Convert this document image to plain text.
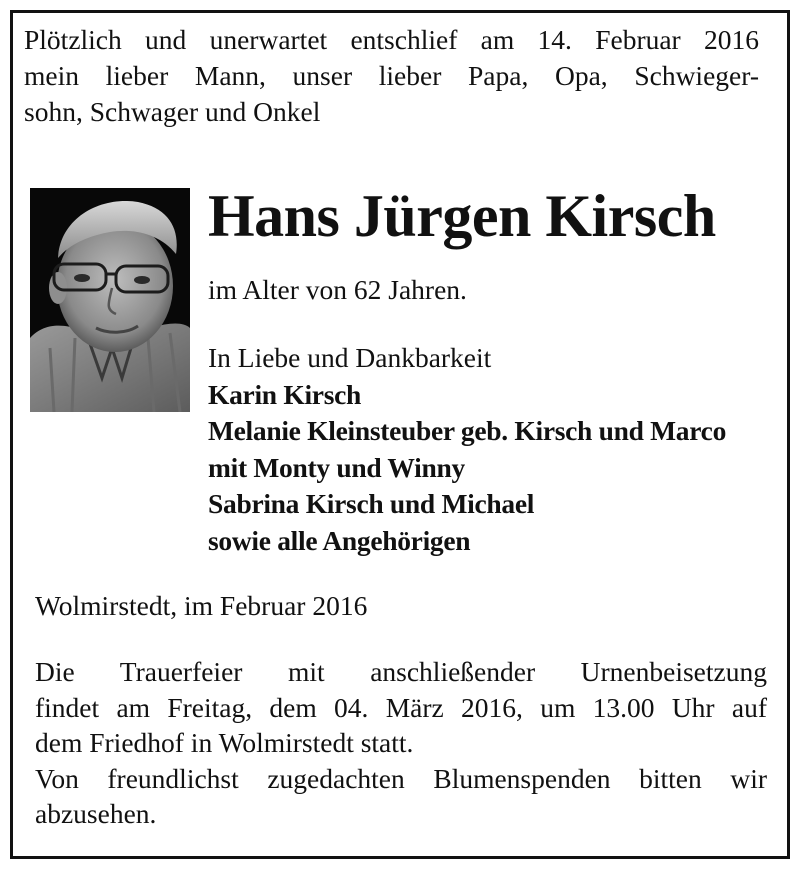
Plötzlich und unerwartet entschlief am 14. Februar 2016
mein lieber Mann, unser lieber Papa, Opa, Schwieger-
sohn, Schwager und Onkel
Hans Jürgen Kirsch
im Alter von 62 Jahren.
In Liebe und Dankbarkeit
Karin Kirsch
Melanie Kleinsteuber geb. Kirsch und Marco
mit Monty und Winny
Sabrina Kirsch und Michael
sowie alle Angehörigen
Wolmirstedt, im Februar 2016
Die Trauerfeier mit anschließender Urnenbeisetzung
findet am Freitag, dem 04. März 2016, um 13.00 Uhr auf
dem Friedhof in Wolmirstedt statt.
Von freundlichst zugedachten Blumenspenden bitten wir
abzusehen.
